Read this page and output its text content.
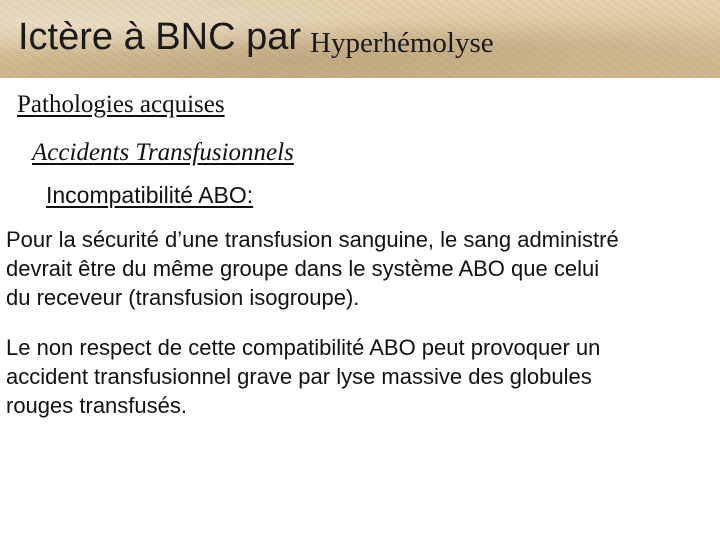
Ictère à BNC par Hyperhémolyse
Pathologies acquises
Accidents Transfusionnels
Incompatibilité ABO:
Pour la sécurité d’une transfusion sanguine, le sang administré
devrait être du même groupe dans le système ABO que celui
du receveur (transfusion isogroupe).
Le non respect de cette compatibilité ABO peut provoquer un
accident transfusionnel grave par lyse massive des globules
rouges transfusés.
